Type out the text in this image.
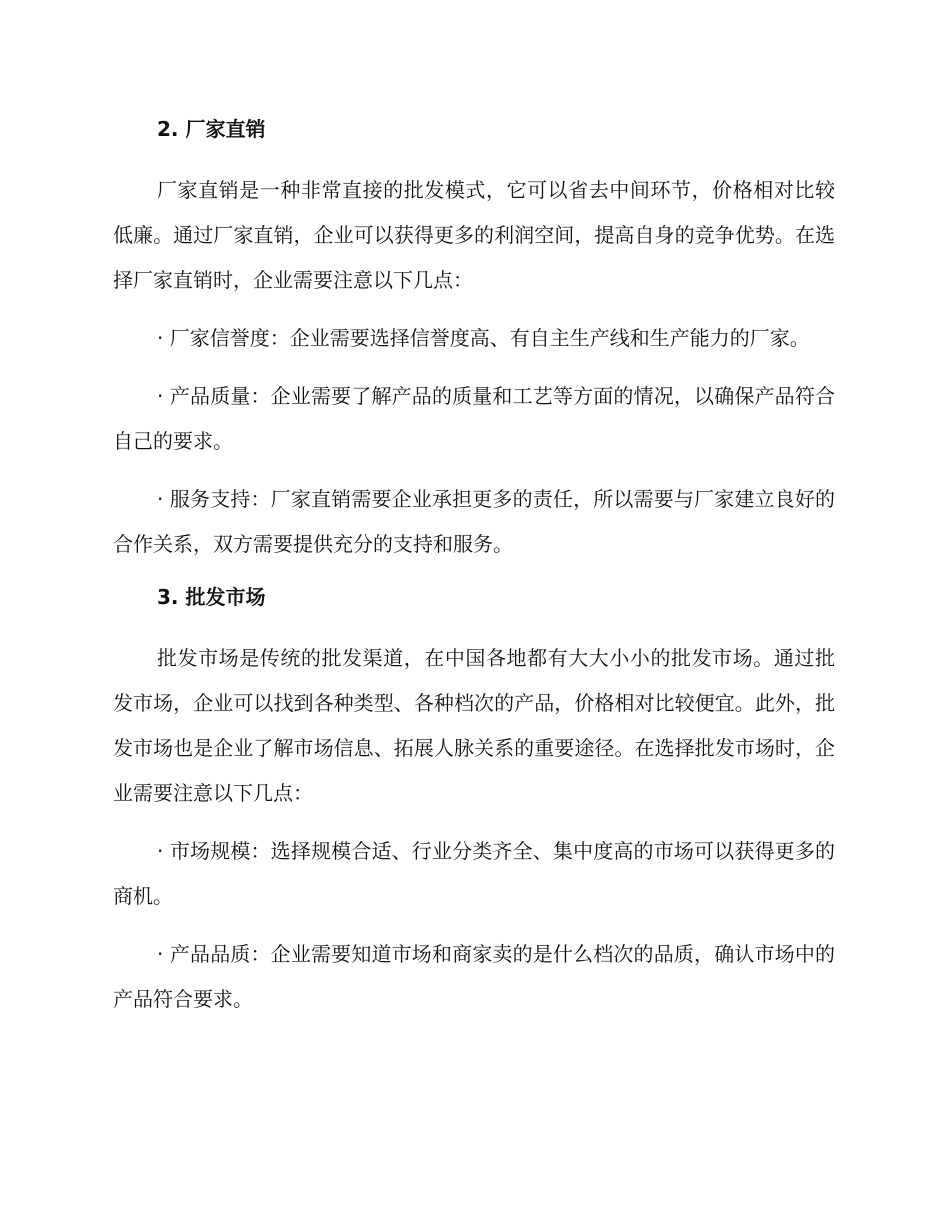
2. 厂家直销

厂家直销是一种非常直接的批发模式，它可以省去中间环节，价格相对比较低廉。通过厂家直销，企业可以获得更多的利润空间，提高自身的竞争优势。在选择厂家直销时，企业需要注意以下几点：

· 厂家信誉度：企业需要选择信誉度高、有自主生产线和生产能力的厂家。

· 产品质量：企业需要了解产品的质量和工艺等方面的情况，以确保产品符合自己的要求。

· 服务支持：厂家直销需要企业承担更多的责任，所以需要与厂家建立良好的合作关系，双方需要提供充分的支持和服务。

3. 批发市场

批发市场是传统的批发渠道，在中国各地都有大大小小的批发市场。通过批发市场，企业可以找到各种类型、各种档次的产品，价格相对比较便宜。此外，批发市场也是企业了解市场信息、拓展人脉关系的重要途径。在选择批发市场时，企业需要注意以下几点：

· 市场规模：选择规模合适、行业分类齐全、集中度高的市场可以获得更多的商机。

· 产品品质：企业需要知道市场和商家卖的是什么档次的品质，确认市场中的产品符合要求。
